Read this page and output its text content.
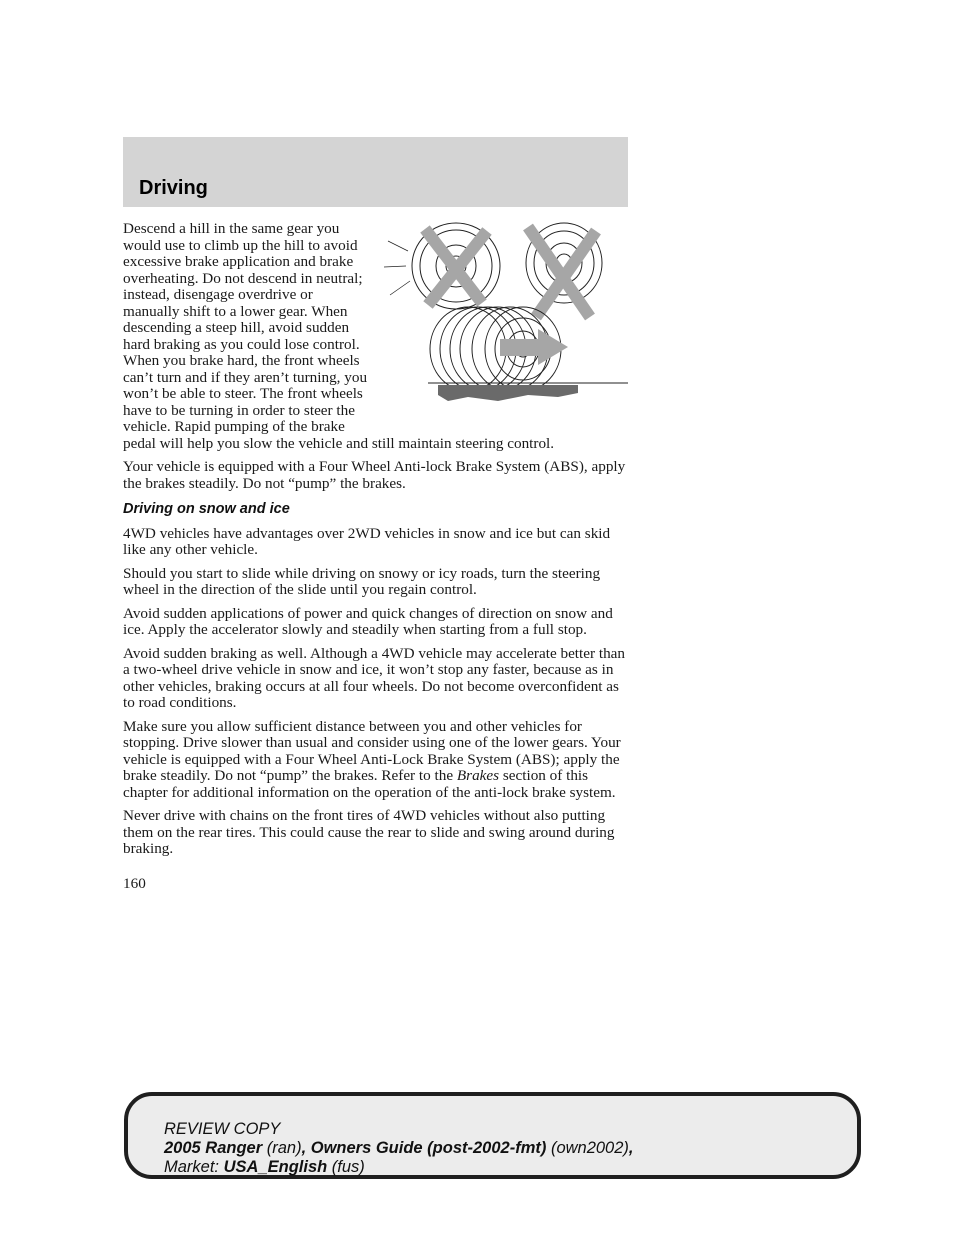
Driving

Descend a hill in the same gear you would use to climb up the hill to avoid excessive brake application and brake overheating. Do not descend in neutral; instead, disengage overdrive or manually shift to a lower gear. When descending a steep hill, avoid sudden hard braking as you could lose control. When you brake hard, the front wheels can’t turn and if they aren’t turning, you won’t be able to steer. The front wheels have to be turning in order to steer the vehicle. Rapid pumping of the brake pedal will help you slow the vehicle and still maintain steering control.

Your vehicle is equipped with a Four Wheel Anti-lock Brake System (ABS), apply the brakes steadily. Do not “pump” the brakes.

Driving on snow and ice

4WD vehicles have advantages over 2WD vehicles in snow and ice but can skid like any other vehicle.

Should you start to slide while driving on snowy or icy roads, turn the steering wheel in the direction of the slide until you regain control.

Avoid sudden applications of power and quick changes of direction on snow and ice. Apply the accelerator slowly and steadily when starting from a full stop.

Avoid sudden braking as well. Although a 4WD vehicle may accelerate better than a two-wheel drive vehicle in snow and ice, it won’t stop any faster, because as in other vehicles, braking occurs at all four wheels. Do not become overconfident as to road conditions.

Make sure you allow sufficient distance between you and other vehicles for stopping. Drive slower than usual and consider using one of the lower gears. Your vehicle is equipped with a Four Wheel Anti-Lock Brake System (ABS); apply the brake steadily. Do not “pump” the brakes. Refer to the Brakes section of this chapter for additional information on the operation of the anti-lock brake system.

Never drive with chains on the front tires of 4WD vehicles without also putting them on the rear tires. This could cause the rear to slide and swing around during braking.

160
REVIEW COPY
2005 Ranger (ran), Owners Guide (post-2002-fmt) (own2002),
Market: USA_English (fus)
